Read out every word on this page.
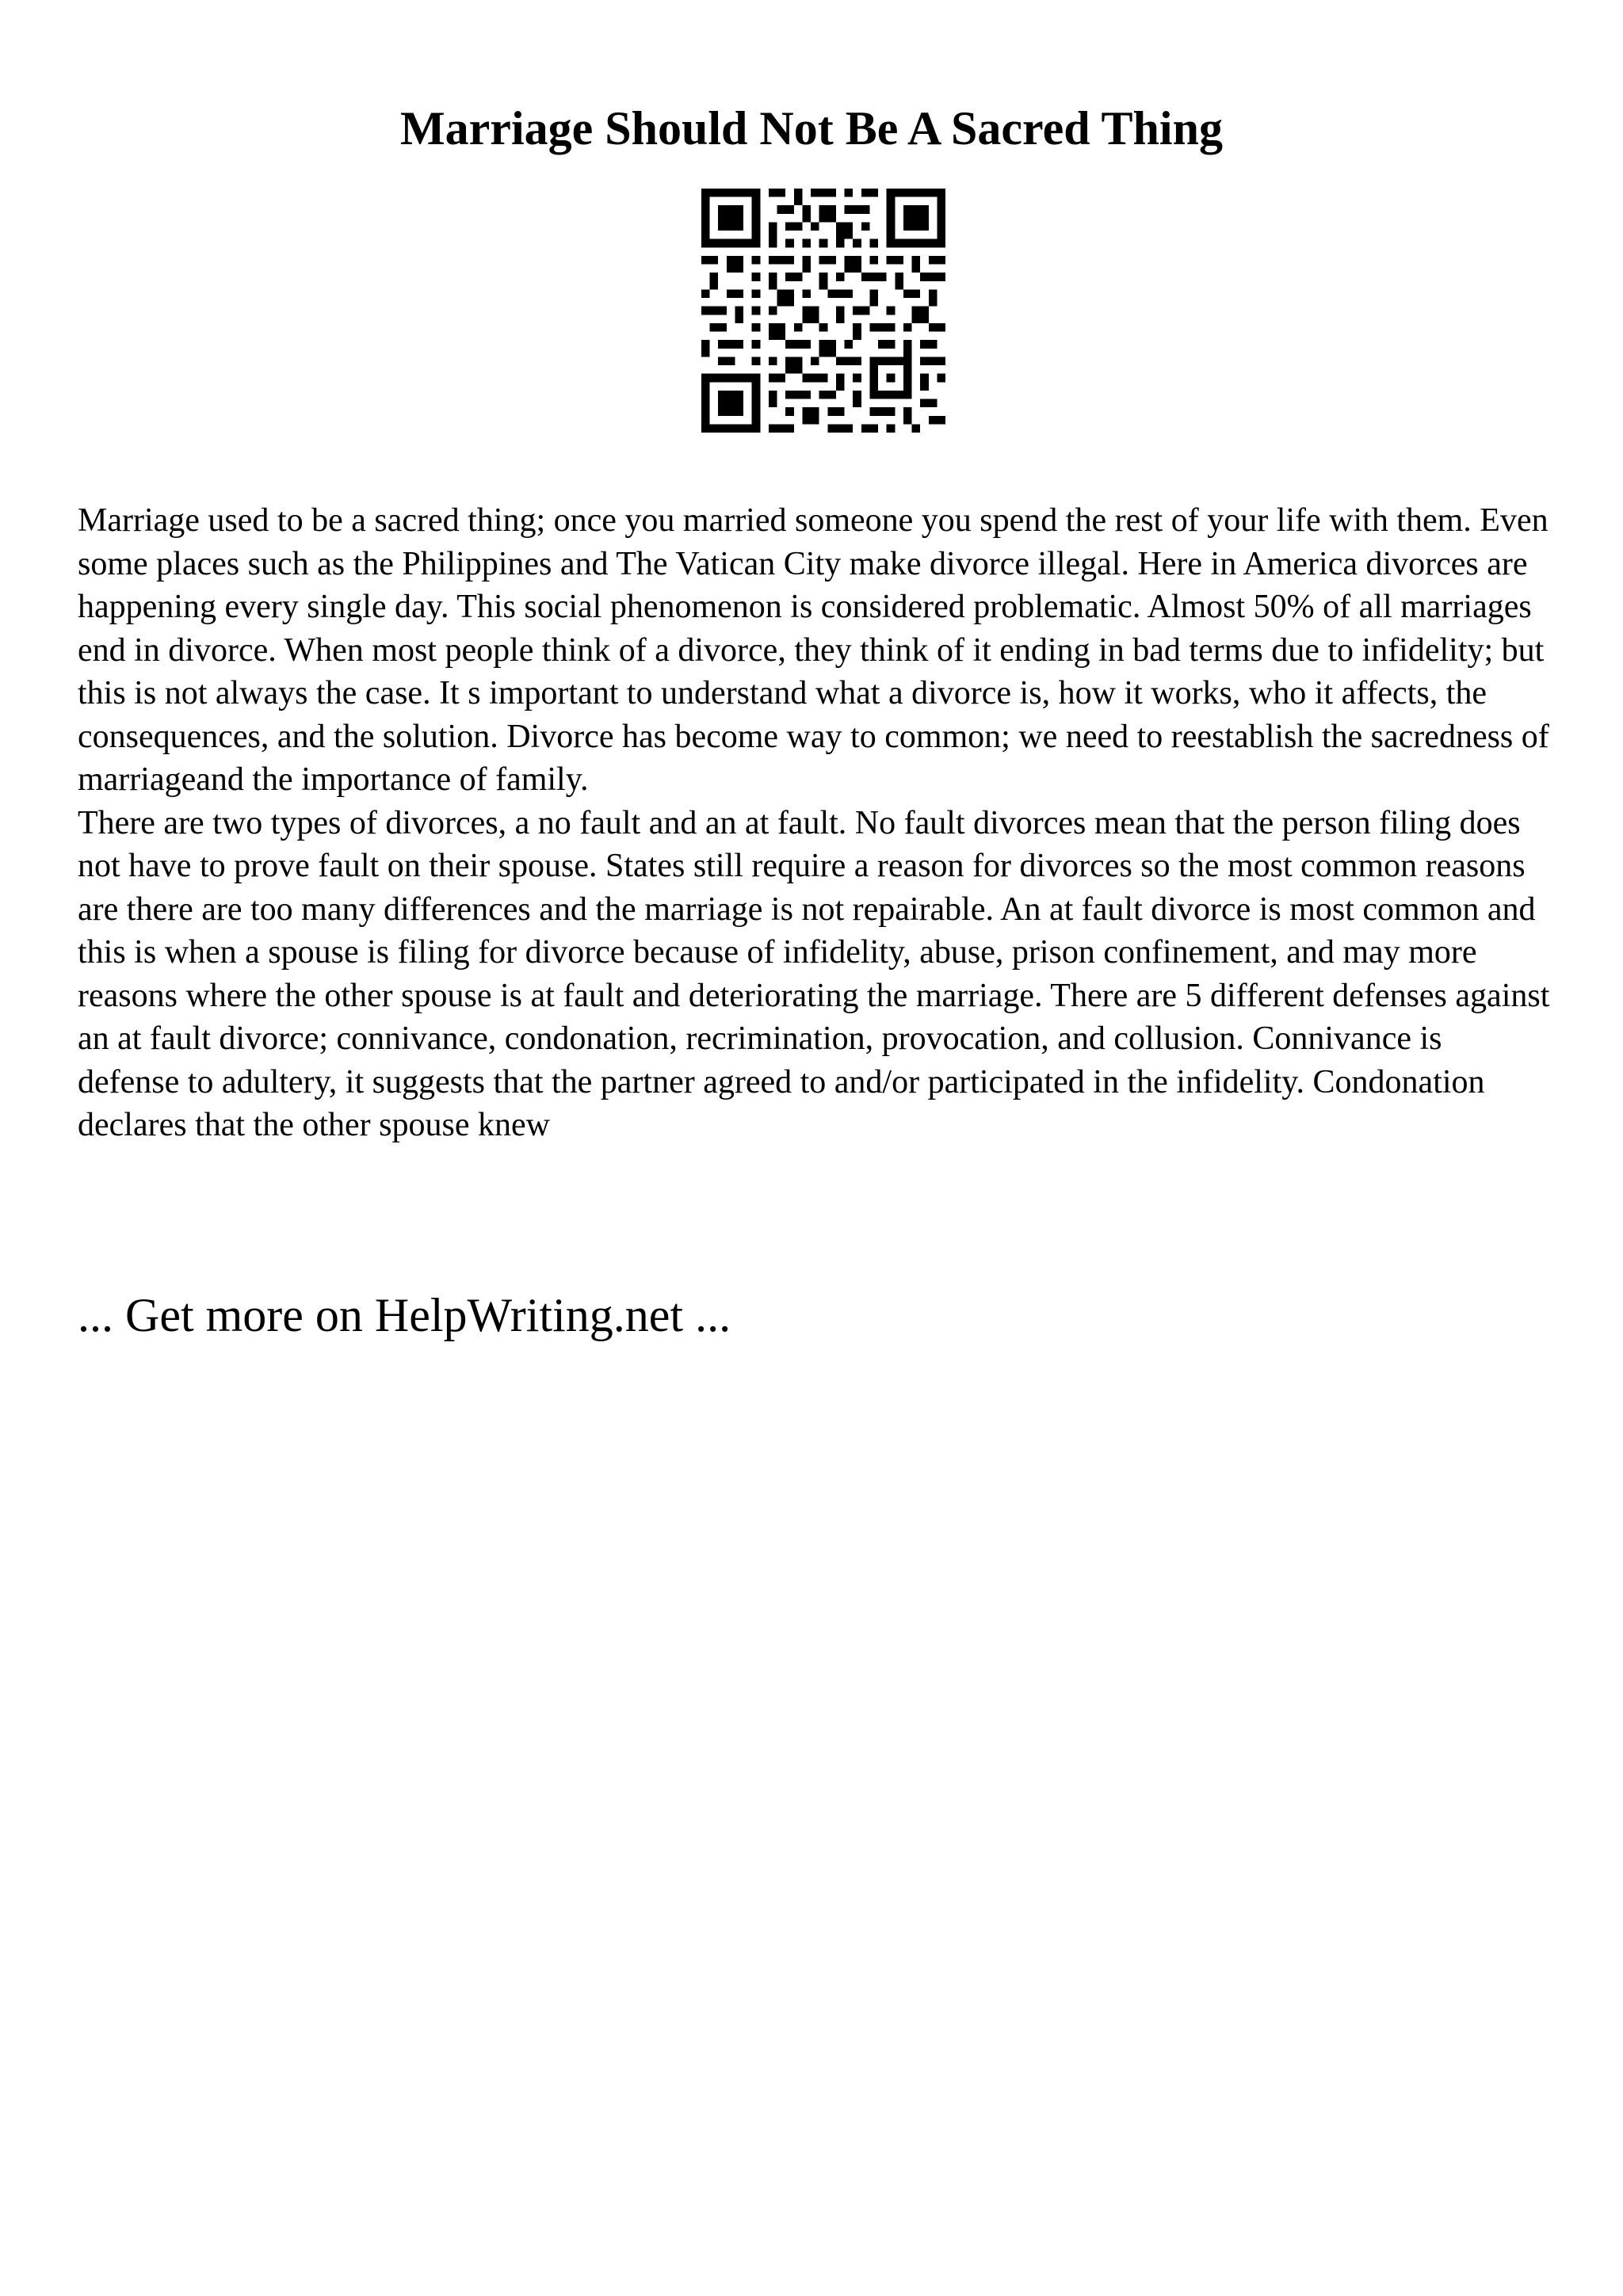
Marriage Should Not Be A Sacred Thing

Marriage used to be a sacred thing; once you married someone you spend the rest of your life with them. Even some places such as the Philippines and The Vatican City make divorce illegal. Here in America divorces are happening every single day. This social phenomenon is considered problematic. Almost 50% of all marriages end in divorce. When most people think of a divorce, they think of it ending in bad terms due to infidelity; but this is not always the case. It s important to understand what a divorce is, how it works, who it affects, the consequences, and the solution. Divorce has become way to common; we need to reestablish the sacredness of marriageand the importance of family.

There are two types of divorces, a no fault and an at fault. No fault divorces mean that the person filing does not have to prove fault on their spouse. States still require a reason for divorces so the most common reasons are there are too many differences and the marriage is not repairable. An at fault divorce is most common and this is when a spouse is filing for divorce because of infidelity, abuse, prison confinement, and may more reasons where the other spouse is at fault and deteriorating the marriage. There are 5 different defenses against an at fault divorce; connivance, condonation, recrimination, provocation, and collusion. Connivance is defense to adultery, it suggests that the partner agreed to and/or participated in the infidelity. Condonation declares that the other spouse knew

... Get more on HelpWriting.net ...
